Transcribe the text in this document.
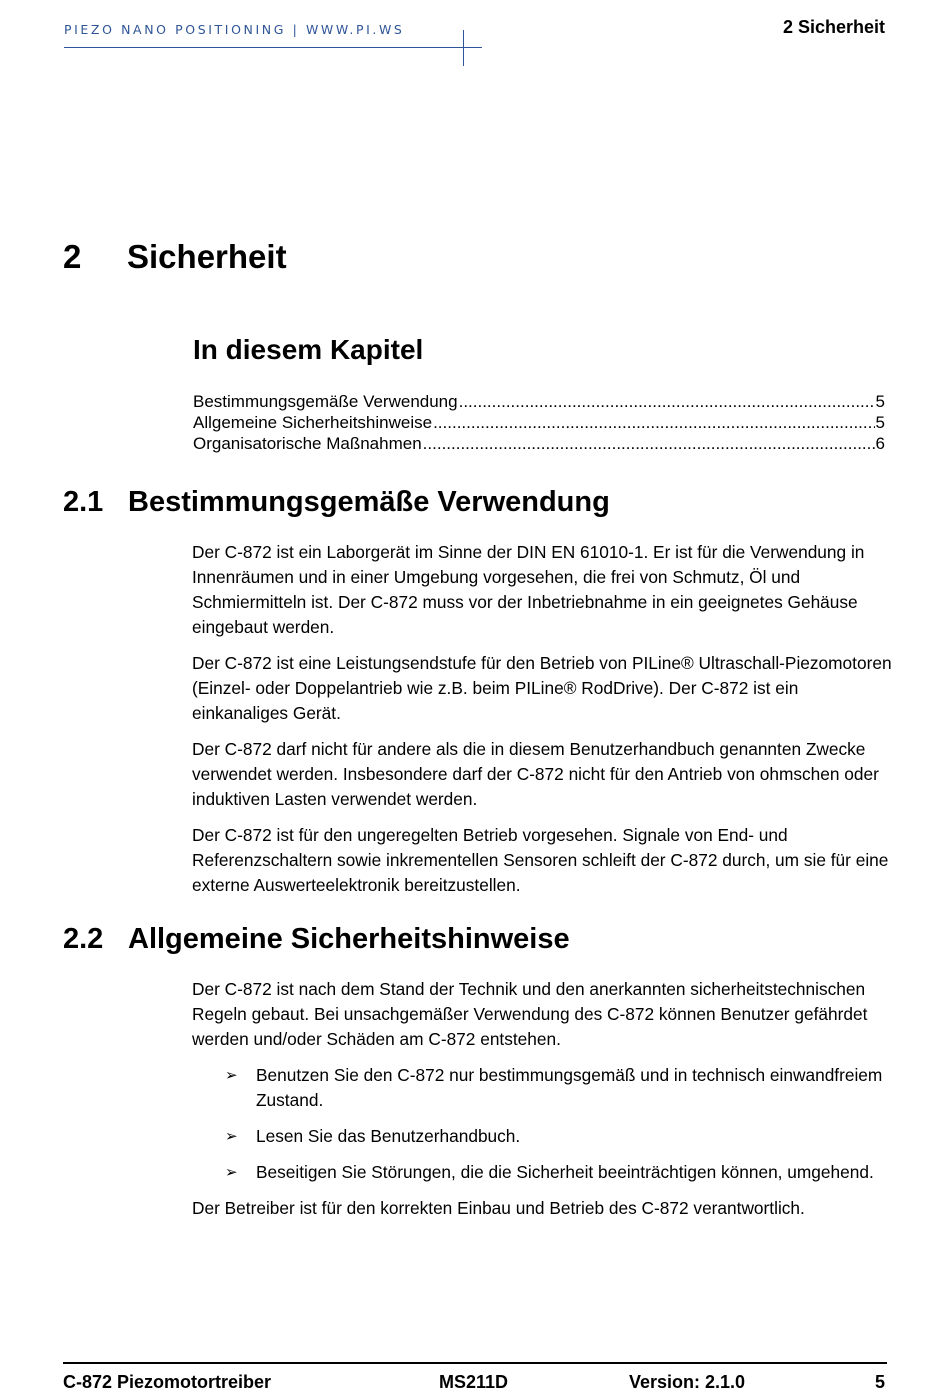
PIEZO NANO POSITIONING | WWW.PI.WS	2 Sicherheit
2 Sicherheit
In diesem Kapitel
Bestimmungsgemäße Verwendung .....	5
Allgemeine Sicherheitshinweise .....	5
Organisatorische Maßnahmen .....	6
2.1 Bestimmungsgemäße Verwendung

Der C-872 ist ein Laborgerät im Sinne der DIN EN 61010-1. Er ist für die Verwendung in Innenräumen und in einer Umgebung vorgesehen, die frei von Schmutz, Öl und Schmiermitteln ist. Der C-872 muss vor der Inbetriebnahme in ein geeignetes Gehäuse eingebaut werden.

Der C-872 ist eine Leistungsendstufe für den Betrieb von PILine® Ultraschall-Piezomotoren (Einzel- oder Doppelantrieb wie z.B. beim PILine® RodDrive). Der C-872 ist ein einkanaliges Gerät.

Der C-872 darf nicht für andere als die in diesem Benutzerhandbuch genannten Zwecke verwendet werden. Insbesondere darf der C-872 nicht für den Antrieb von ohmschen oder induktiven Lasten verwendet werden.

Der C-872 ist für den ungeregelten Betrieb vorgesehen. Signale von End- und Referenzschaltern sowie inkrementellen Sensoren schleift der C-872 durch, um sie für eine externe Auswerteelektronik bereitzustellen.

2.2 Allgemeine Sicherheitshinweise

Der C-872 ist nach dem Stand der Technik und den anerkannten sicherheitstechnischen Regeln gebaut. Bei unsachgemäßer Verwendung des C-872 können Benutzer gefährdet werden und/oder Schäden am C-872 entstehen.

➢ Benutzen Sie den C-872 nur bestimmungsgemäß und in technisch einwandfreiem Zustand.
➢ Lesen Sie das Benutzerhandbuch.
➢ Beseitigen Sie Störungen, die die Sicherheit beeinträchtigen können, umgehend.

Der Betreiber ist für den korrekten Einbau und Betrieb des C-872 verantwortlich.

C-872 Piezomotortreiber	MS211D	Version: 2.1.0	5
